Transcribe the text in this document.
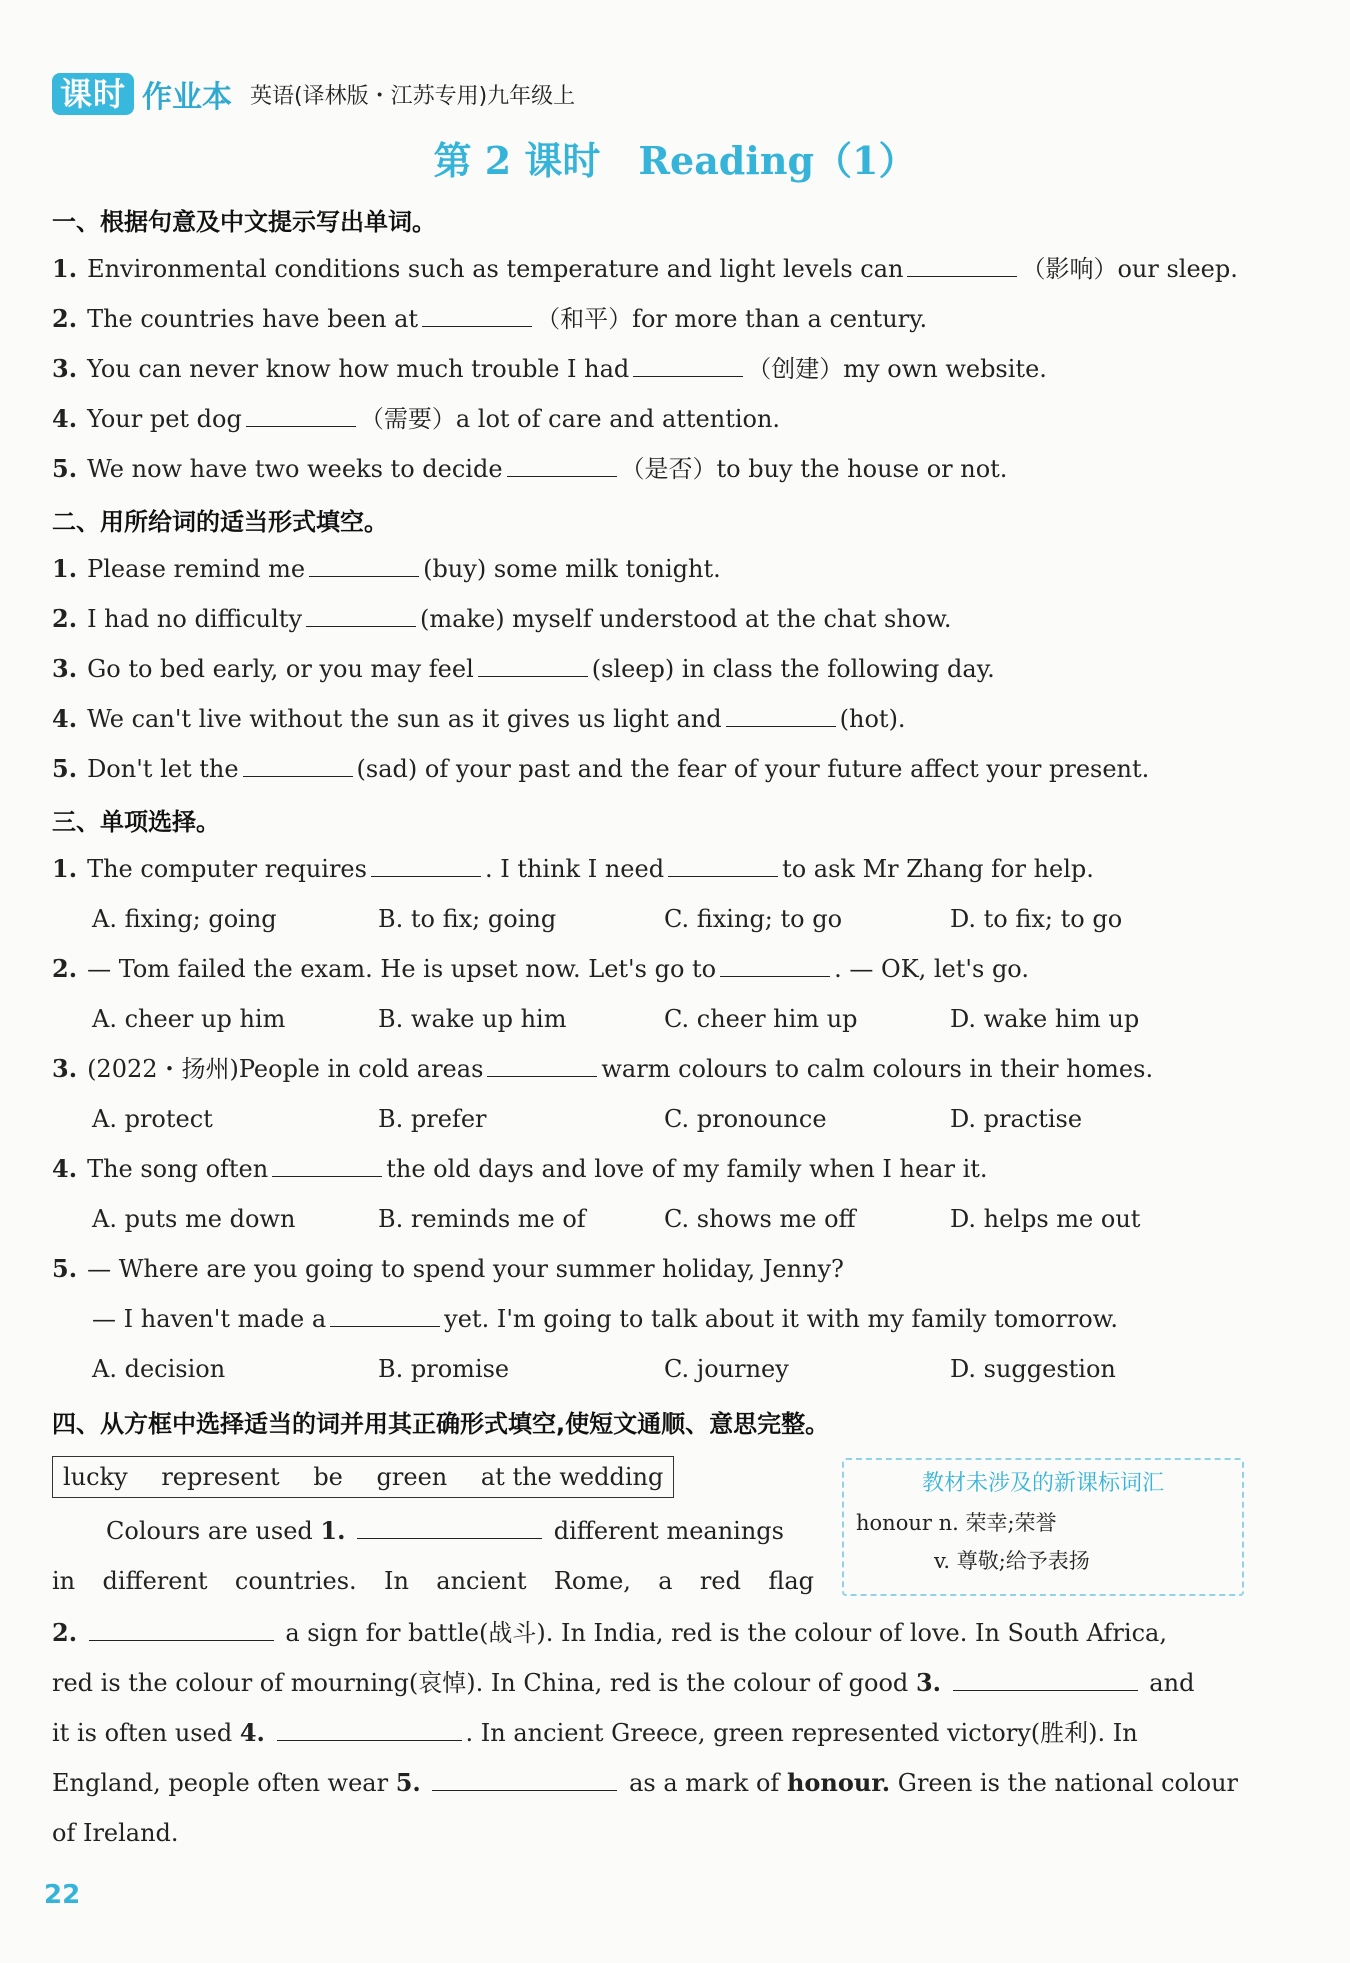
课时 作业本 英语(译林版・江苏专用)九年级上
第 2 课时　Reading（1）
一、根据句意及中文提示写出单词。
1. Environmental conditions such as temperature and light levels can	（影响）our sleep.
2. The countries have been at	（和平）for more than a century.
3. You can never know how much trouble I had	（创建）my own website.
4. Your pet dog	（需要）a lot of care and attention.
5. We now have two weeks to decide	（是否）to buy the house or not.
二、用所给词的适当形式填空。
1. Please remind me	(buy) some milk tonight.
2. I had no difficulty	(make) myself understood at the chat show.
3. Go to bed early, or you may feel	(sleep) in class the following day.
4. We can't live without the sun as it gives us light and	(hot).
5. Don't let the	(sad) of your past and the fear of your future affect your present.
三、单项选择。
1. The computer requires	. I think I need	to ask Mr Zhang for help.
A. fixing; going	B. to fix; going	C. fixing; to go	D. to fix; to go
2. — Tom failed the exam. He is upset now. Let's go to	. — OK, let's go.
A. cheer up him	B. wake up him	C. cheer him up	D. wake him up
3. (2022・扬州)People in cold areas	warm colours to calm colours in their homes.
A. protect	B. prefer	C. pronounce	D. practise
4. The song often	the old days and love of my family when I hear it.
A. puts me down	B. reminds me of	C. shows me off	D. helps me out
5. — Where are you going to spend your summer holiday, Jenny?
— I haven't made a	yet. I'm going to talk about it with my family tomorrow.
A. decision	B. promise	C. journey	D. suggestion
四、从方框中选择适当的词并用其正确形式填空,使短文通顺、意思完整。
lucky represent be green at the wedding	教材未涉及的新课标词汇
honour n. 荣幸;荣誉
v. 尊敬;给予表扬
Colours are used 1.	different meanings
in different countries. In ancient Rome, a red flag
2.	a sign for battle(战斗). In India, red is the colour of love. In South Africa,
red is the colour of mourning(哀悼). In China, red is the colour of good 3.	and
it is often used 4.	. In ancient Greece, green represented victory(胜利). In
England, people often wear 5.	as a mark of honour. Green is the national colour
of Ireland.
22
